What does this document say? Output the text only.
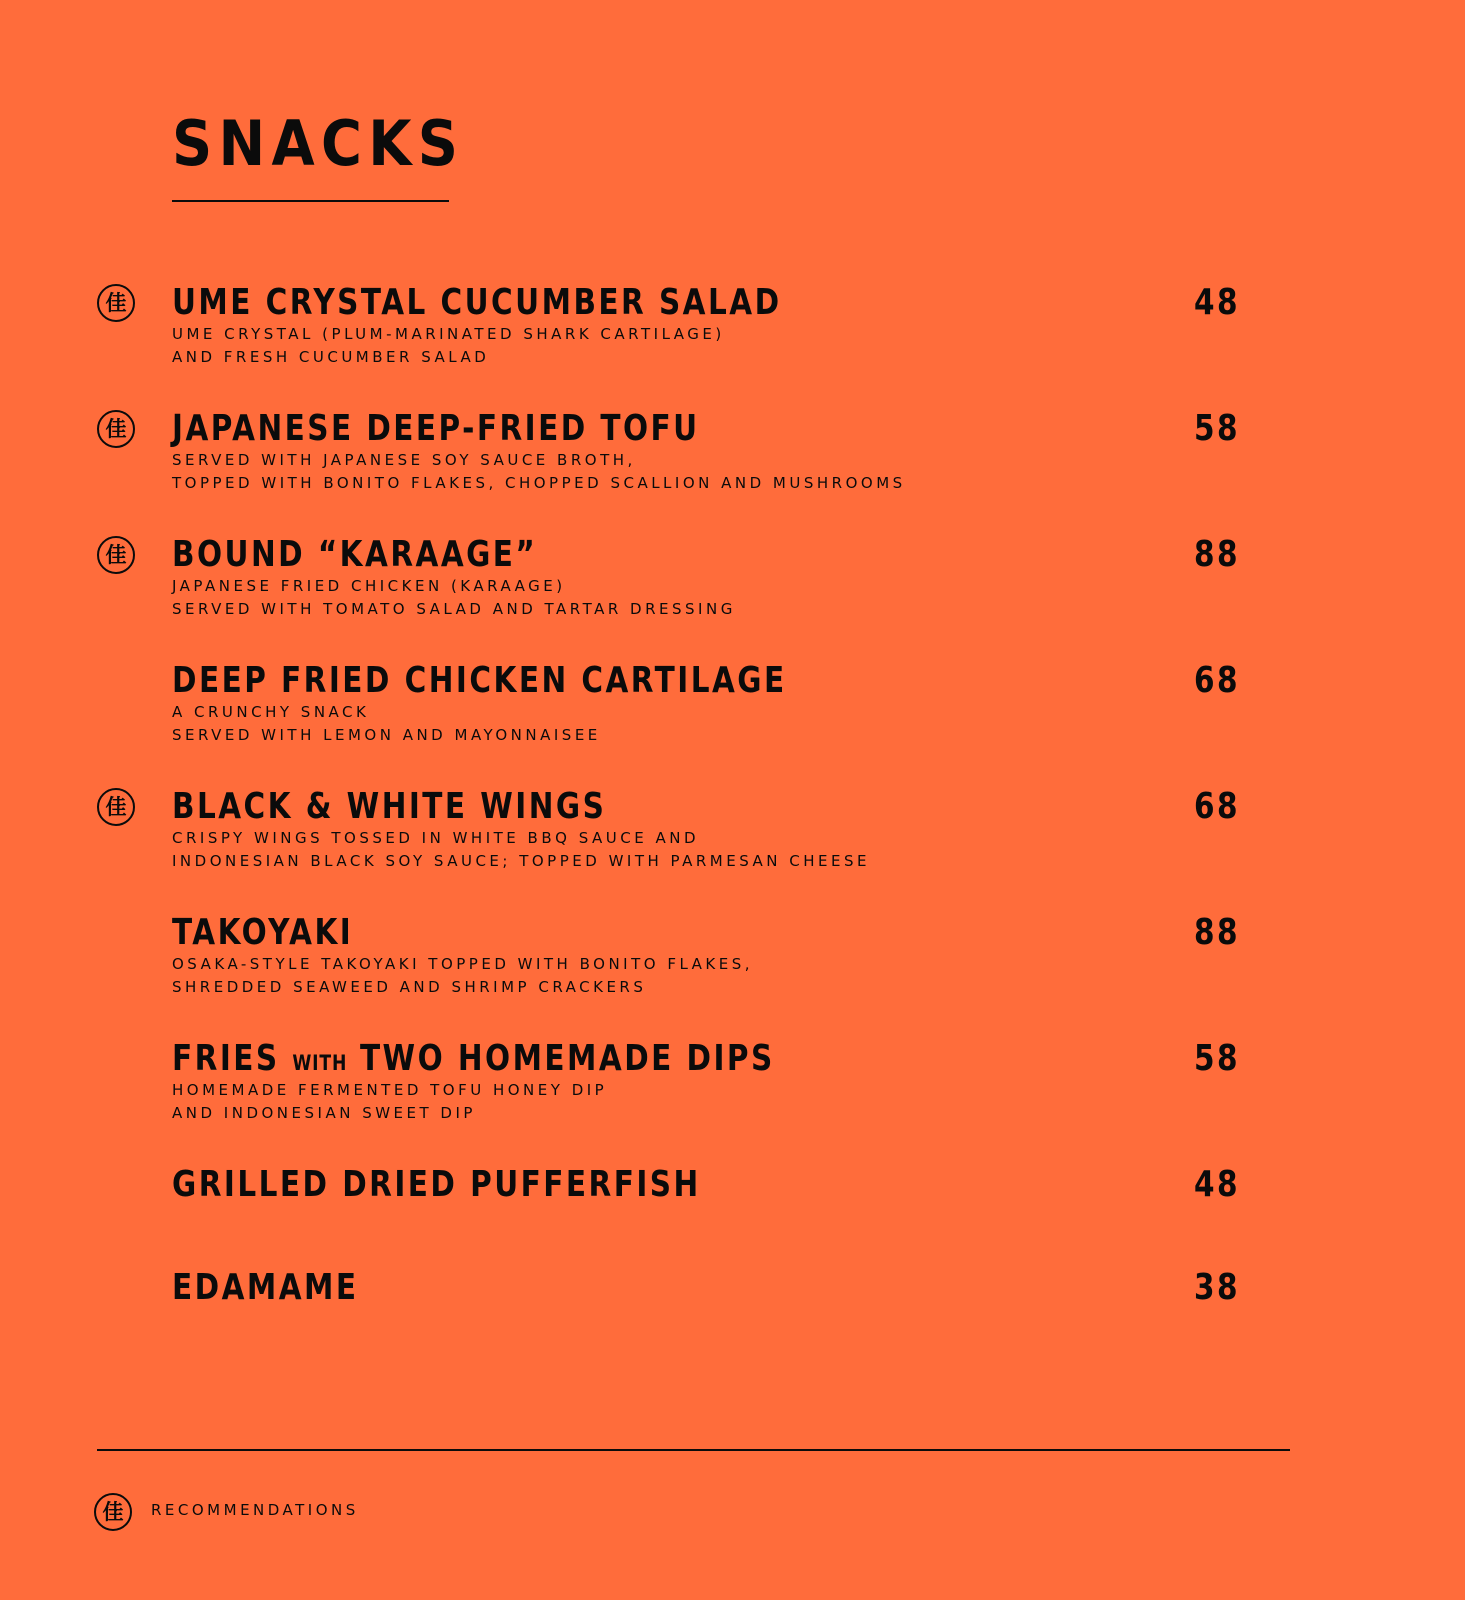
SNACKS
佳 UME CRYSTAL CUCUMBER SALAD	48
UME CRYSTAL (PLUM-MARINATED SHARK CARTILAGE)
AND FRESH CUCUMBER SALAD
佳 JAPANESE DEEP-FRIED TOFU	58
SERVED WITH JAPANESE SOY SAUCE BROTH,
TOPPED WITH BONITO FLAKES, CHOPPED SCALLION AND MUSHROOMS
佳 BOUND “KARAAGE”	88
JAPANESE FRIED CHICKEN (KARAAGE)
SERVED WITH TOMATO SALAD AND TARTAR DRESSING
DEEP FRIED CHICKEN CARTILAGE	68
A CRUNCHY SNACK
SERVED WITH LEMON AND MAYONNAISEE
佳 BLACK & WHITE WINGS	68
CRISPY WINGS TOSSED IN WHITE BBQ SAUCE AND
INDONESIAN BLACK SOY SAUCE; TOPPED WITH PARMESAN CHEESE
TAKOYAKI	88
OSAKA-STYLE TAKOYAKI TOPPED WITH BONITO FLAKES,
SHREDDED SEAWEED AND SHRIMP CRACKERS
FRIES WITH TWO HOMEMADE DIPS	58
HOMEMADE FERMENTED TOFU HONEY DIP
AND INDONESIAN SWEET DIP
GRILLED DRIED PUFFERFISH	48
EDAMAME	38
佳	RECOMMENDATIONS
